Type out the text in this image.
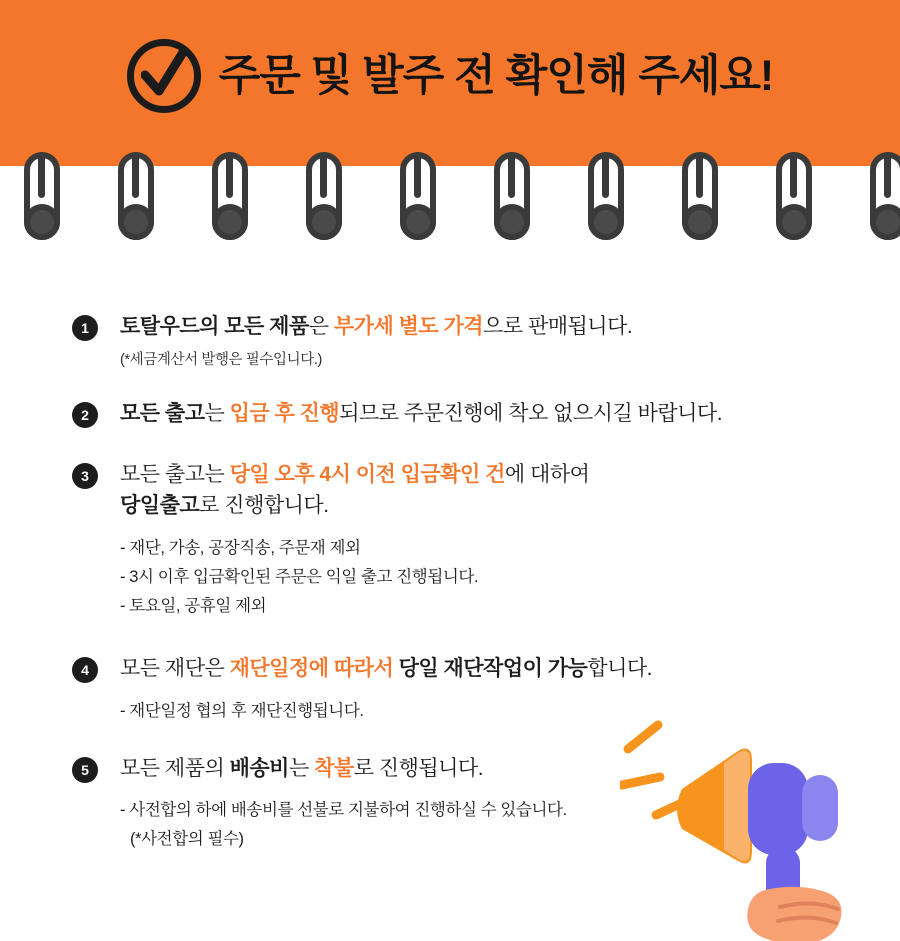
주문 및 발주 전 확인해 주세요!
1	토탈우드의 모든 제품은 부가세 별도 가격으로 판매됩니다.
(*세금계산서 발행은 필수입니다.)
2	모든 출고는 입금 후 진행되므로 주문진행에 착오 없으시길 바랍니다.
3	모든 출고는 당일 오후 4시 이전 입금확인 건에 대하여
당일출고로 진행합니다.
- 재단, 가송, 공장직송, 주문재 제외
- 3시 이후 입금확인된 주문은 익일 출고 진행됩니다.
- 토요일, 공휴일 제외
4	모든 재단은 재단일정에 따라서 당일 재단작업이 가능합니다.
- 재단일정 협의 후 재단진행됩니다.
5	모든 제품의 배송비는 착불로 진행됩니다.
- 사전합의 하에 배송비를 선불로 지불하여 진행하실 수 있습니다.
(*사전합의 필수)
